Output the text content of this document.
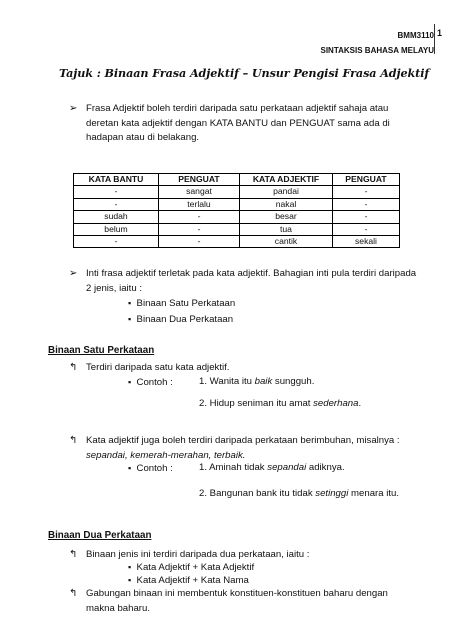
BMM3110
SINTAKSIS BAHASA MELAYU
1
Tajuk : Binaan Frasa Adjektif – Unsur Pengisi Frasa Adjektif
➢ Frasa Adjektif boleh terdiri daripada satu perkataan adjektif sahaja atau
deretan kata adjektif dengan KATA BANTU dan PENGUAT sama ada di
hadapan atau di belakang.
KATA BANTU	PENGUAT	KATA ADJEKTIF	PENGUAT
-	sangat	pandai	-
-	terlalu	nakal	-
sudah	-	besar	-
belum	-	tua	-
-	-	cantik	sekali
➢ Inti frasa adjektif terletak pada kata adjektif. Bahagian inti pula terdiri daripada
2 jenis, iaitu :
▪ Binaan Satu Perkataan
▪ Binaan Dua Perkataan
Binaan Satu Perkataan
↰ Terdiri daripada satu kata adjektif.
▪ Contoh :	1. Wanita itu baik sungguh.
2. Hidup seniman itu amat sederhana.
↰ Kata adjektif juga boleh terdiri daripada perkataan berimbuhan, misalnya :
sepandai, kemerah-merahan, terbaik.
▪ Contoh :	1. Aminah tidak sepandai adiknya.
2. Bangunan bank itu tidak setinggi menara itu.
Binaan Dua Perkataan
↰ Binaan jenis ini terdiri daripada dua perkataan, iaitu :
▪ Kata Adjektif + Kata Adjektif
▪ Kata Adjektif + Kata Nama
↰ Gabungan binaan ini membentuk konstituen-konstituen baharu dengan
makna baharu.
